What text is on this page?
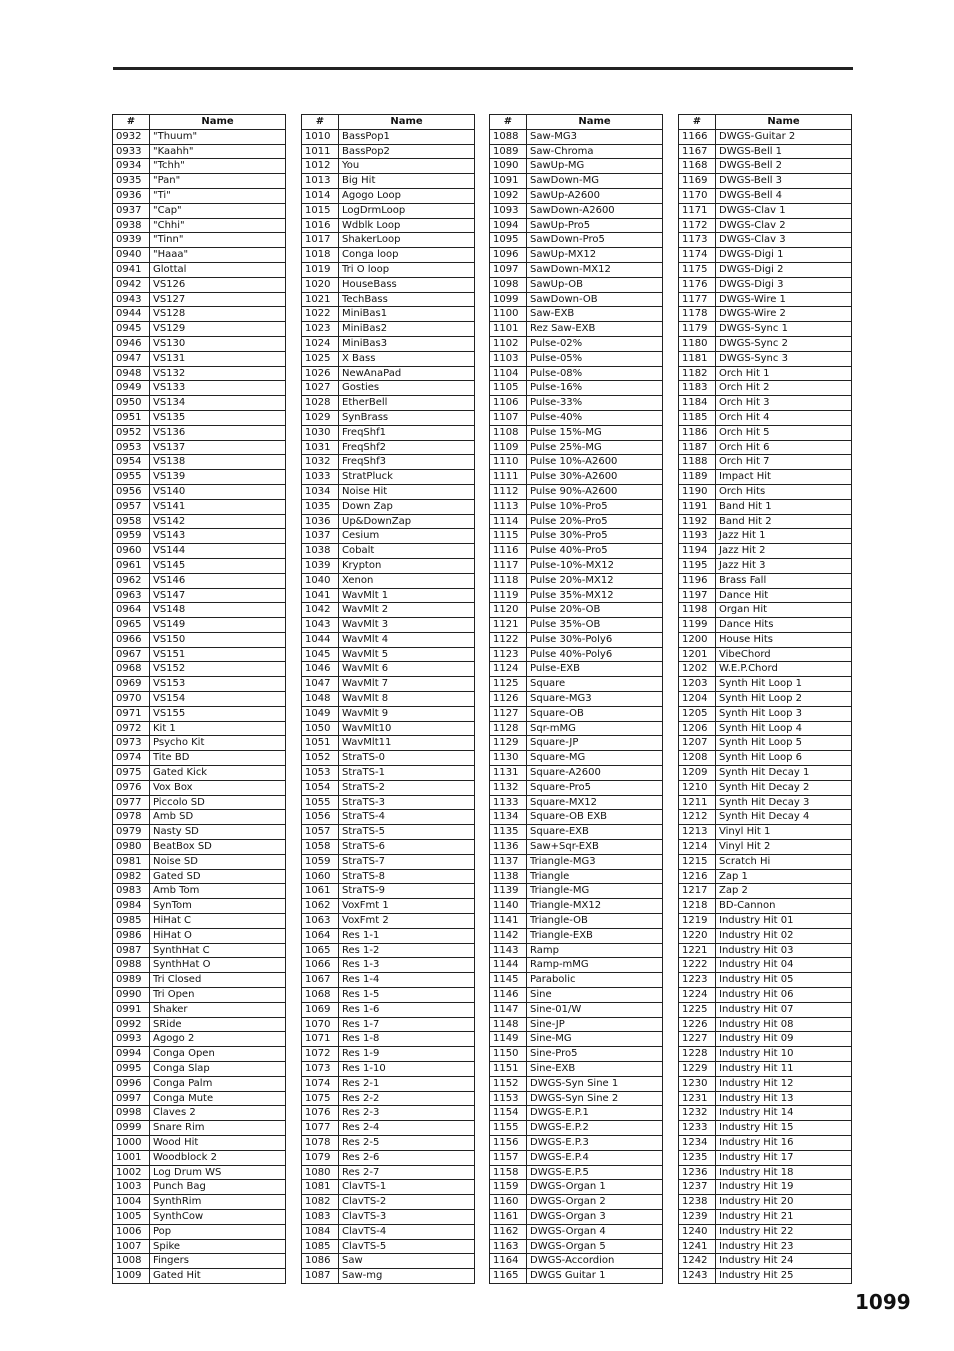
#	Name
0932	"Thuum"
0933	"Kaahh"
0934	"Tchh"
0935	"Pan"
0936	"Ti"
0937	"Cap"
0938	"Chhi"
0939	"Tinn"
0940	"Haaa"
0941	Glottal
0942	VS126
0943	VS127
0944	VS128
0945	VS129
0946	VS130
0947	VS131
0948	VS132
0949	VS133
0950	VS134
0951	VS135
0952	VS136
0953	VS137
0954	VS138
0955	VS139
0956	VS140
0957	VS141
0958	VS142
0959	VS143
0960	VS144
0961	VS145
0962	VS146
0963	VS147
0964	VS148
0965	VS149
0966	VS150
0967	VS151
0968	VS152
0969	VS153
0970	VS154
0971	VS155
0972	Kit 1
0973	Psycho Kit
0974	Tite BD
0975	Gated Kick
0976	Vox Box
0977	Piccolo SD
0978	Amb SD
0979	Nasty SD
0980	BeatBox SD
0981	Noise SD
0982	Gated SD
0983	Amb Tom
0984	SynTom
0985	HiHat C
0986	HiHat O
0987	SynthHat C
0988	SynthHat O
0989	Tri Closed
0990	Tri Open
0991	Shaker
0992	SRide
0993	Agogo 2
0994	Conga Open
0995	Conga Slap
0996	Conga Palm
0997	Conga Mute
0998	Claves 2
0999	Snare Rim
1000	Wood Hit
1001	Woodblock 2
1002	Log Drum WS
1003	Punch Bag
1004	SynthRim
1005	SynthCow
1006	Pop
1007	Spike
1008	Fingers
1009	Gated Hit
#	Name
1010	BassPop1
1011	BassPop2
1012	You
1013	Big Hit
1014	Agogo Loop
1015	LogDrmLoop
1016	Wdblk Loop
1017	ShakerLoop
1018	Conga loop
1019	Tri O loop
1020	HouseBass
1021	TechBass
1022	MiniBas1
1023	MiniBas2
1024	MiniBas3
1025	X Bass
1026	NewAnaPad
1027	Gosties
1028	EtherBell
1029	SynBrass
1030	FreqShf1
1031	FreqShf2
1032	FreqShf3
1033	StratPluck
1034	Noise Hit
1035	Down Zap
1036	Up&DownZap
1037	Cesium
1038	Cobalt
1039	Krypton
1040	Xenon
1041	WavMlt 1
1042	WavMlt 2
1043	WavMlt 3
1044	WavMlt 4
1045	WavMlt 5
1046	WavMlt 6
1047	WavMlt 7
1048	WavMlt 8
1049	WavMlt 9
1050	WavMlt10
1051	WavMlt11
1052	StraTS-0
1053	StraTS-1
1054	StraTS-2
1055	StraTS-3
1056	StraTS-4
1057	StraTS-5
1058	StraTS-6
1059	StraTS-7
1060	StraTS-8
1061	StraTS-9
1062	VoxFmt 1
1063	VoxFmt 2
1064	Res 1-1
1065	Res 1-2
1066	Res 1-3
1067	Res 1-4
1068	Res 1-5
1069	Res 1-6
1070	Res 1-7
1071	Res 1-8
1072	Res 1-9
1073	Res 1-10
1074	Res 2-1
1075	Res 2-2
1076	Res 2-3
1077	Res 2-4
1078	Res 2-5
1079	Res 2-6
1080	Res 2-7
1081	ClavTS-1
1082	ClavTS-2
1083	ClavTS-3
1084	ClavTS-4
1085	ClavTS-5
1086	Saw
1087	Saw-mg
#	Name
1088	Saw-MG3
1089	Saw-Chroma
1090	SawUp-MG
1091	SawDown-MG
1092	SawUp-A2600
1093	SawDown-A2600
1094	SawUp-Pro5
1095	SawDown-Pro5
1096	SawUp-MX12
1097	SawDown-MX12
1098	SawUp-OB
1099	SawDown-OB
1100	Saw-EXB
1101	Rez Saw-EXB
1102	Pulse-02%
1103	Pulse-05%
1104	Pulse-08%
1105	Pulse-16%
1106	Pulse-33%
1107	Pulse-40%
1108	Pulse 15%-MG
1109	Pulse 25%-MG
1110	Pulse 10%-A2600
1111	Pulse 30%-A2600
1112	Pulse 90%-A2600
1113	Pulse 10%-Pro5
1114	Pulse 20%-Pro5
1115	Pulse 30%-Pro5
1116	Pulse 40%-Pro5
1117	Pulse-10%-MX12
1118	Pulse 20%-MX12
1119	Pulse 35%-MX12
1120	Pulse 20%-OB
1121	Pulse 35%-OB
1122	Pulse 30%-Poly6
1123	Pulse 40%-Poly6
1124	Pulse-EXB
1125	Square
1126	Square-MG3
1127	Square-OB
1128	Sqr-mMG
1129	Square-JP
1130	Square-MG
1131	Square-A2600
1132	Square-Pro5
1133	Square-MX12
1134	Square-OB EXB
1135	Square-EXB
1136	Saw+Sqr-EXB
1137	Triangle-MG3
1138	Triangle
1139	Triangle-MG
1140	Triangle-MX12
1141	Triangle-OB
1142	Triangle-EXB
1143	Ramp
1144	Ramp-mMG
1145	Parabolic
1146	Sine
1147	Sine-01/W
1148	Sine-JP
1149	Sine-MG
1150	Sine-Pro5
1151	Sine-EXB
1152	DWGS-Syn Sine 1
1153	DWGS-Syn Sine 2
1154	DWGS-E.P.1
1155	DWGS-E.P.2
1156	DWGS-E.P.3
1157	DWGS-E.P.4
1158	DWGS-E.P.5
1159	DWGS-Organ 1
1160	DWGS-Organ 2
1161	DWGS-Organ 3
1162	DWGS-Organ 4
1163	DWGS-Organ 5
1164	DWGS-Accordion
1165	DWGS Guitar 1
#	Name
1166	DWGS-Guitar 2
1167	DWGS-Bell 1
1168	DWGS-Bell 2
1169	DWGS-Bell 3
1170	DWGS-Bell 4
1171	DWGS-Clav 1
1172	DWGS-Clav 2
1173	DWGS-Clav 3
1174	DWGS-Digi 1
1175	DWGS-Digi 2
1176	DWGS-Digi 3
1177	DWGS-Wire 1
1178	DWGS-Wire 2
1179	DWGS-Sync 1
1180	DWGS-Sync 2
1181	DWGS-Sync 3
1182	Orch Hit 1
1183	Orch Hit 2
1184	Orch Hit 3
1185	Orch Hit 4
1186	Orch Hit 5
1187	Orch Hit 6
1188	Orch Hit 7
1189	Impact Hit
1190	Orch Hits
1191	Band Hit 1
1192	Band Hit 2
1193	Jazz Hit 1
1194	Jazz Hit 2
1195	Jazz Hit 3
1196	Brass Fall
1197	Dance Hit
1198	Organ Hit
1199	Dance Hits
1200	House Hits
1201	VibeChord
1202	W.E.P.Chord
1203	Synth Hit Loop 1
1204	Synth Hit Loop 2
1205	Synth Hit Loop 3
1206	Synth Hit Loop 4
1207	Synth Hit Loop 5
1208	Synth Hit Loop 6
1209	Synth Hit Decay 1
1210	Synth Hit Decay 2
1211	Synth Hit Decay 3
1212	Synth Hit Decay 4
1213	Vinyl Hit 1
1214	Vinyl Hit 2
1215	Scratch Hi
1216	Zap 1
1217	Zap 2
1218	BD-Cannon
1219	Industry Hit 01
1220	Industry Hit 02
1221	Industry Hit 03
1222	Industry Hit 04
1223	Industry Hit 05
1224	Industry Hit 06
1225	Industry Hit 07
1226	Industry Hit 08
1227	Industry Hit 09
1228	Industry Hit 10
1229	Industry Hit 11
1230	Industry Hit 12
1231	Industry Hit 13
1232	Industry Hit 14
1233	Industry Hit 15
1234	Industry Hit 16
1235	Industry Hit 17
1236	Industry Hit 18
1237	Industry Hit 19
1238	Industry Hit 20
1239	Industry Hit 21
1240	Industry Hit 22
1241	Industry Hit 23
1242	Industry Hit 24
1243	Industry Hit 25
1099
